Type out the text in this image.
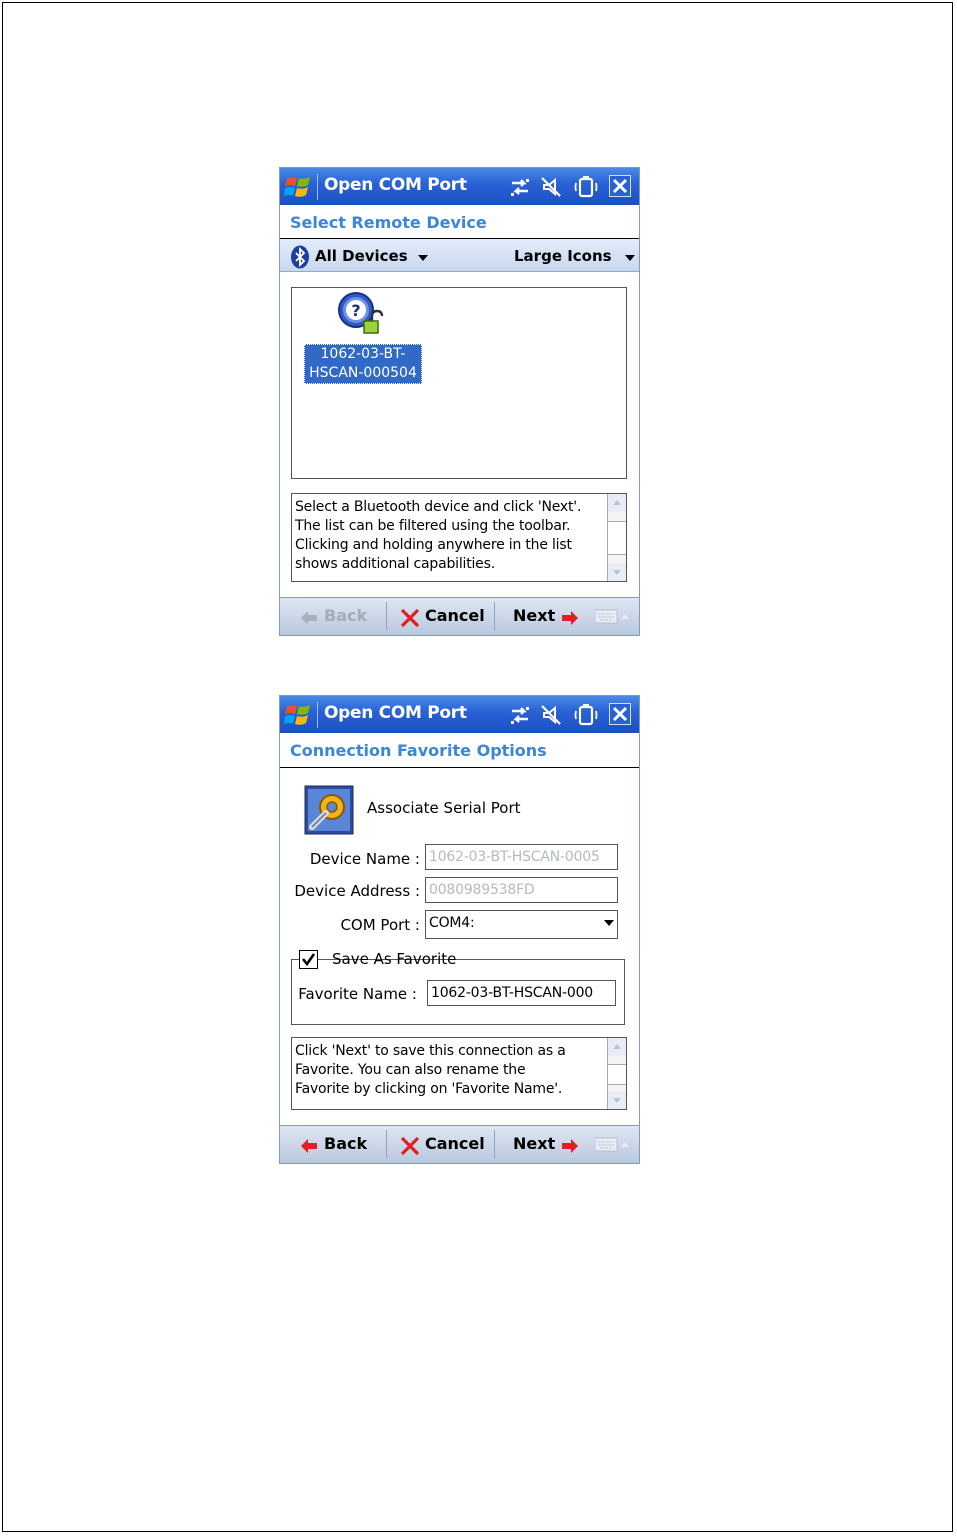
Open COM Port
Select Remote Device
All Devices	Large Icons
?
1062-03-BT-
HSCAN-000504
Select a Bluetooth device and click 'Next'.
The list can be filtered using the toolbar.
Clicking and holding anywhere in the list
shows additional capabilities.
Back	Cancel Next
Open COM Port
Connection Favorite Options
Associate Serial Port
Device Name : 1062-03-BT-HSCAN-0005
Device Address : 0080989538FD
COM Port : COM4:
Save As Favorite
Favorite Name : 1062-03-BT-HSCAN-000
Click 'Next' to save this connection as a
Favorite. You can also rename the
Favorite by clicking on 'Favorite Name'.
Back	Cancel Next
